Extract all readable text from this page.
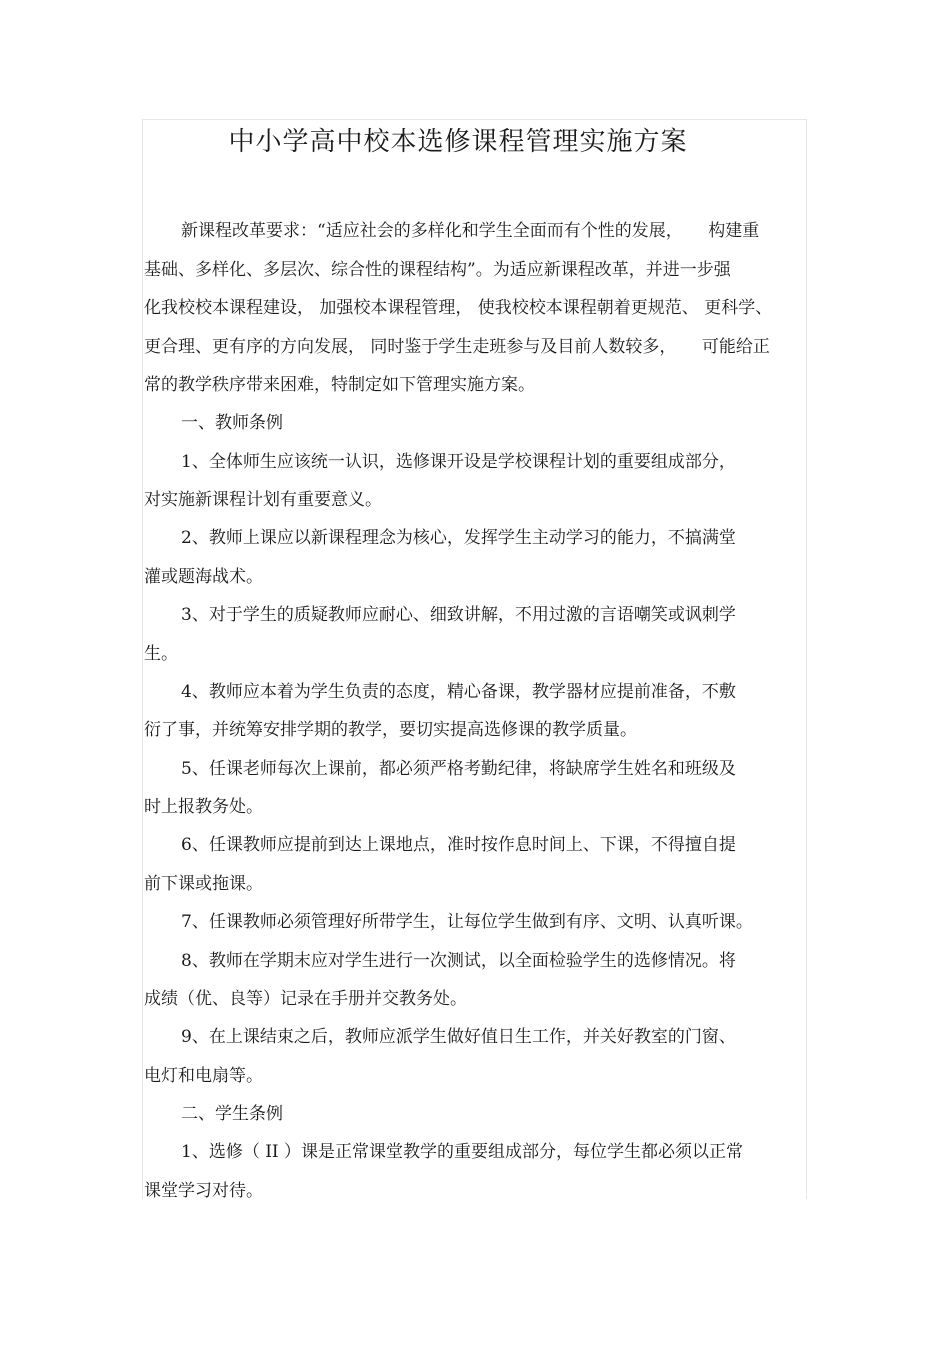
中小学高中校本选修课程管理实施方案
新课程改革要求：“适应社会的多样化和学生全面而有个性的发展，　　构建重
基础、多样化、多层次、综合性的课程结构”。为适应新课程改革，并进一步强
化我校校本课程建设， 加强校本课程管理， 使我校校本课程朝着更规范、 更科学、
更合理、更有序的方向发展， 同时鉴于学生走班参与及目前人数较多，　　可能给正
常的教学秩序带来困难，特制定如下管理实施方案。
一、教师条例
1、全体师生应该统一认识，选修课开设是学校课程计划的重要组成部分，
对实施新课程计划有重要意义。
2、教师上课应以新课程理念为核心，发挥学生主动学习的能力，不搞满堂
灌或题海战术。
3、对于学生的质疑教师应耐心、细致讲解，不用过激的言语嘲笑或讽刺学
生。
4、教师应本着为学生负责的态度，精心备课，教学器材应提前准备，不敷
衍了事，并统筹安排学期的教学，要切实提高选修课的教学质量。
5、任课老师每次上课前，都必须严格考勤纪律，将缺席学生姓名和班级及
时上报教务处。
6、任课教师应提前到达上课地点，准时按作息时间上、下课，不得擅自提
前下课或拖课。
7、任课教师必须管理好所带学生，让每位学生做到有序、文明、认真听课。
8、教师在学期末应对学生进行一次测试，以全面检验学生的选修情况。将
成绩（优、良等）记录在手册并交教务处。
9、在上课结束之后，教师应派学生做好值日生工作，并关好教室的门窗、
电灯和电扇等。
二、学生条例
1、选修（ II ）课是正常课堂教学的重要组成部分，每位学生都必须以正常
课堂学习对待。
